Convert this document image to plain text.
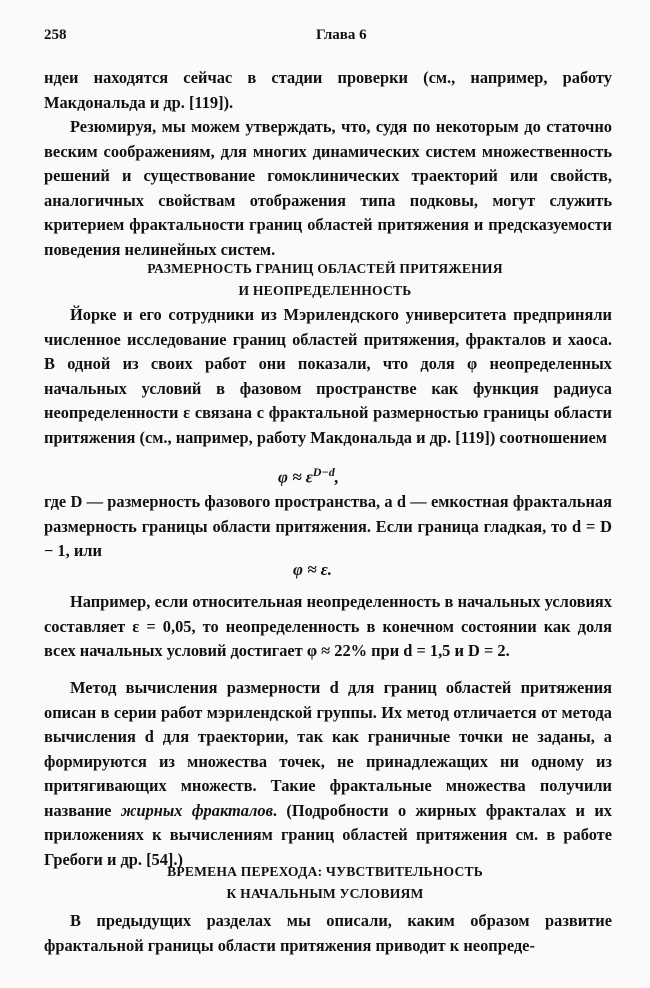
258	Глава 6

ндеи находятся сейчас в стадии проверки (см., например, работу Макдональда и др. [119]).

Резюмируя, мы можем утверждать, что, судя по некоторым до статочно веским соображениям, для многих динамических систем множественность решений и существование гомоклинических траекторий или свойств, аналогичных свойствам отображения типа подковы, могут служить критерием фрактальности границ областей притяжения и предсказуемости поведения нелинейных систем.

РАЗМЕРНОСТЬ ГРАНИЦ ОБЛАСТЕЙ ПРИТЯЖЕНИЯ
И НЕОПРЕДЕЛЕННОСТЬ
Йорке и его сотрудники из Мэрилендского университета предприняли численное исследование границ областей притяжения, фракталов и хаоса. В одной из своих работ они показали, что доля φ неопределенных начальных условий в фазовом пространстве как функция радиуса неопределенности ε связана с фрактальной размерностью границы области притяжения (см., например, работу Макдональда и др. [119]) соотношением
$\varphi \approx \varepsilon^{D-d}$,
где D — размерность фазового пространства, а d — емкостная фрактальная размерность границы области притяжения. Если граница гладкая, то d = D − 1, или
φ ≈ ε.
Например, если относительная неопределенность в начальных условиях составляет ε = 0,05, то неопределенность в конечном состоянии как доля всех начальных условий достигает φ ≈ 22% при d = 1,5 и D = 2.
Метод вычисления размерности d для границ областей притяжения описан в серии работ мэрилендской группы. Их метод отличается от метода вычисления d для траектории, так как граничные точки не заданы, а формируются из множества точек, не принадлежащих ни одному из притягивающих множеств. Такие фрактальные множества получили название жирных фракталов. (Подробности о жирных фракталах и их приложениях к вычислениям границ областей притяжения см. в работе Гребоги и др. [54].)
ВРЕМЕНА ПЕРЕХОДА: ЧУВСТВИТЕЛЬНОСТЬ
К НАЧАЛЬНЫМ УСЛОВИЯМ
В предыдущих разделах мы описали, каким образом развитие фрактальной границы области притяжения приводит к неопреде-
